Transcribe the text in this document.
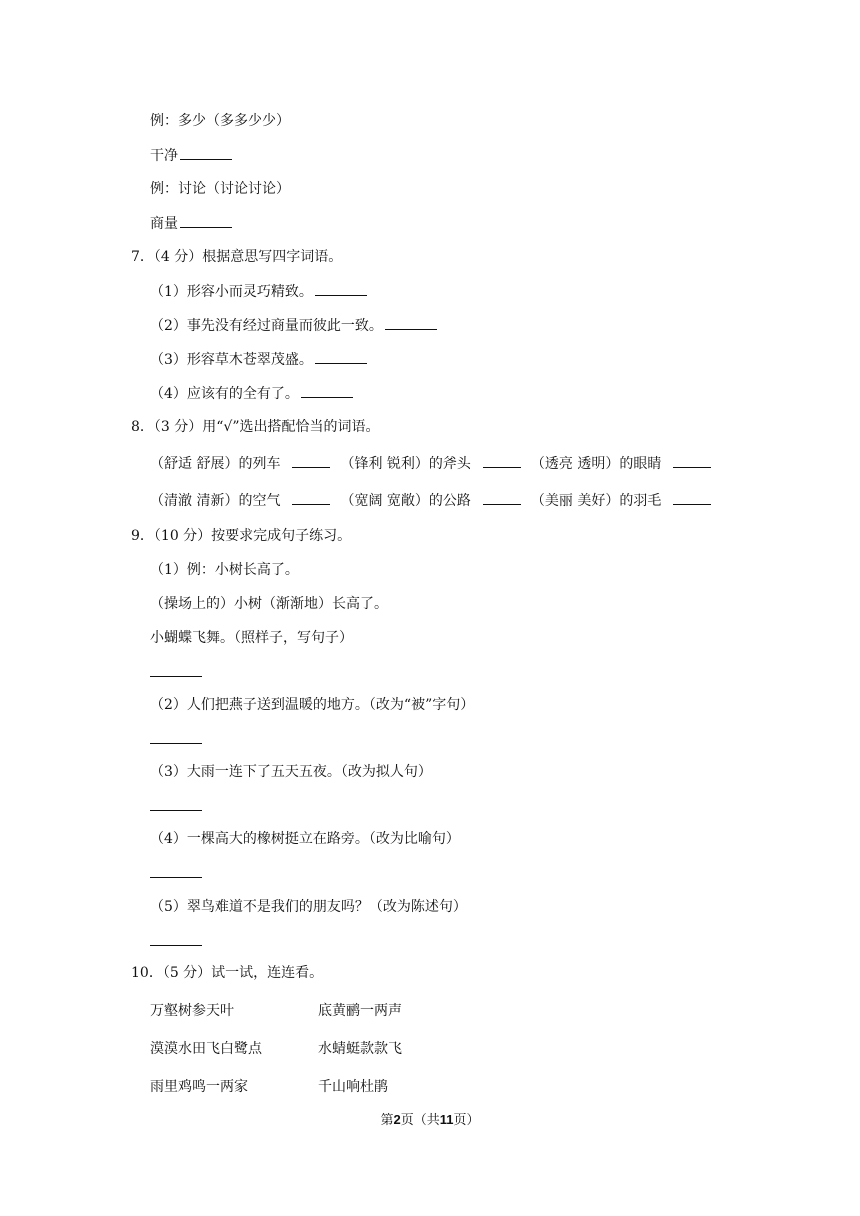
例：多少（多多少少）
干净
例：讨论（讨论讨论）
商量
7．（4 分）根据意思写四字词语。
（1）形容小而灵巧精致。
（2）事先没有经过商量而彼此一致。
（3）形容草木苍翠茂盛。
（4）应该有的全有了。
8．（3 分）用“√”选出搭配恰当的词语。
（舒适 舒展）的列车	（锋利 锐利）的斧头	（透亮 透明）的眼睛
（清澈 清新）的空气	（宽阔 宽敞）的公路	（美丽 美好）的羽毛
9．（10 分）按要求完成句子练习。
（1）例：小树长高了。
（操场上的）小树（渐渐地）长高了。
小蝴蝶飞舞。（照样子，写句子）
（2）人们把燕子送到温暖的地方。（改为“被”字句）
（3）大雨一连下了五天五夜。（改为拟人句）
（4）一棵高大的橡树挺立在路旁。（改为比喻句）
（5）翠鸟难道不是我们的朋友吗？（改为陈述句）
10．（5 分）试一试，连连看。
万壑树参天叶	底黄鹂一两声
漠漠水田飞白鹭点	水蜻蜓款款飞
雨里鸡鸣一两家	千山响杜鹃
第2页（共11页）
